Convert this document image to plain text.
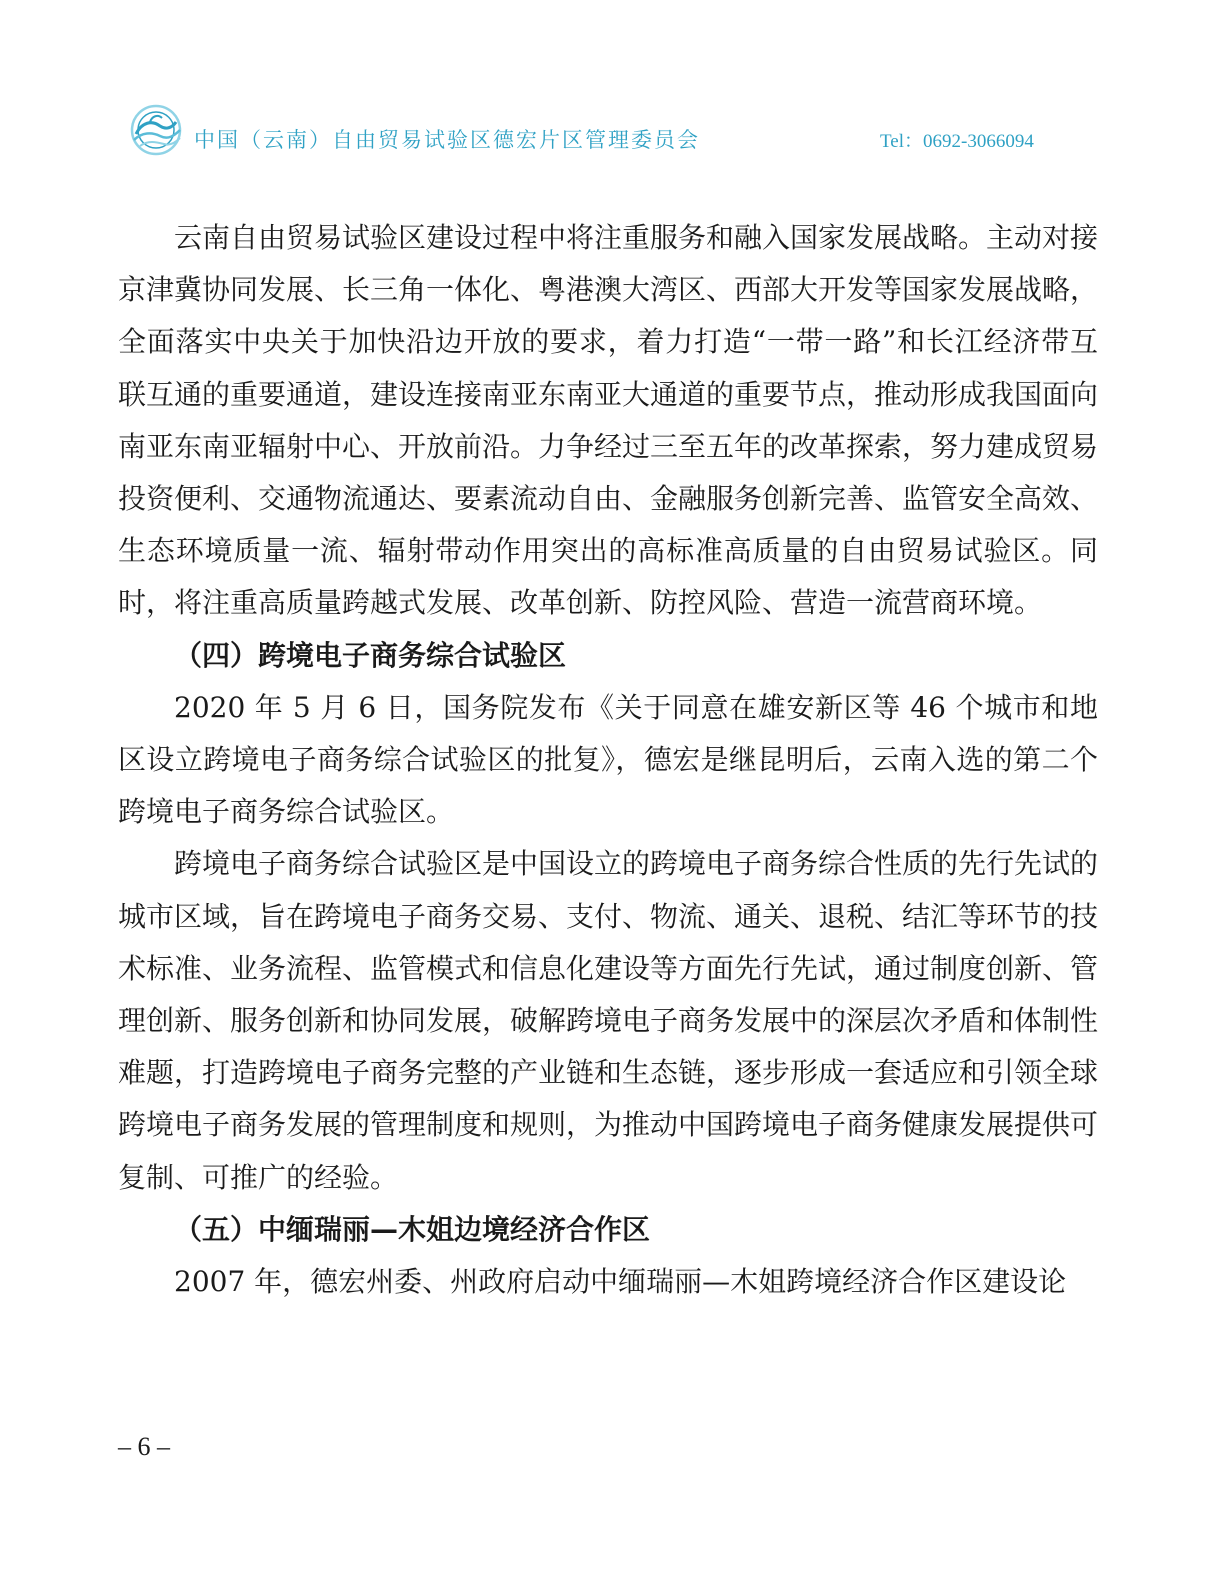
中国（云南）自由贸易试验区德宏片区管理委员会	Tel：0692-3066094

云南自由贸易试验区建设过程中将注重服务和融入国家发展战略。主动对接京津冀协同发展、长三角一体化、粤港澳大湾区、西部大开发等国家发展战略，全面落实中央关于加快沿边开放的要求，着力打造“一带一路”和长江经济带互联互通的重要通道，建设连接南亚东南亚大通道的重要节点，推动形成我国面向南亚东南亚辐射中心、开放前沿。力争经过三至五年的改革探索，努力建成贸易投资便利、交通物流通达、要素流动自由、金融服务创新完善、监管安全高效、生态环境质量一流、辐射带动作用突出的高标准高质量的自由贸易试验区。同时，将注重高质量跨越式发展、改革创新、防控风险、营造一流营商环境。

（四）跨境电子商务综合试验区

2020 年 5 月 6 日，国务院发布《关于同意在雄安新区等 46 个城市和地区设立跨境电子商务综合试验区的批复》，德宏是继昆明后，云南入选的第二个跨境电子商务综合试验区。

跨境电子商务综合试验区是中国设立的跨境电子商务综合性质的先行先试的城市区域，旨在跨境电子商务交易、支付、物流、通关、退税、结汇等环节的技术标准、业务流程、监管模式和信息化建设等方面先行先试，通过制度创新、管理创新、服务创新和协同发展，破解跨境电子商务发展中的深层次矛盾和体制性难题，打造跨境电子商务完整的产业链和生态链，逐步形成一套适应和引领全球跨境电子商务发展的管理制度和规则，为推动中国跨境电子商务健康发展提供可复制、可推广的经验。

（五）中缅瑞丽—木姐边境经济合作区

2007 年，德宏州委、州政府启动中缅瑞丽—木姐跨境经济合作区建设论

– 6 –
